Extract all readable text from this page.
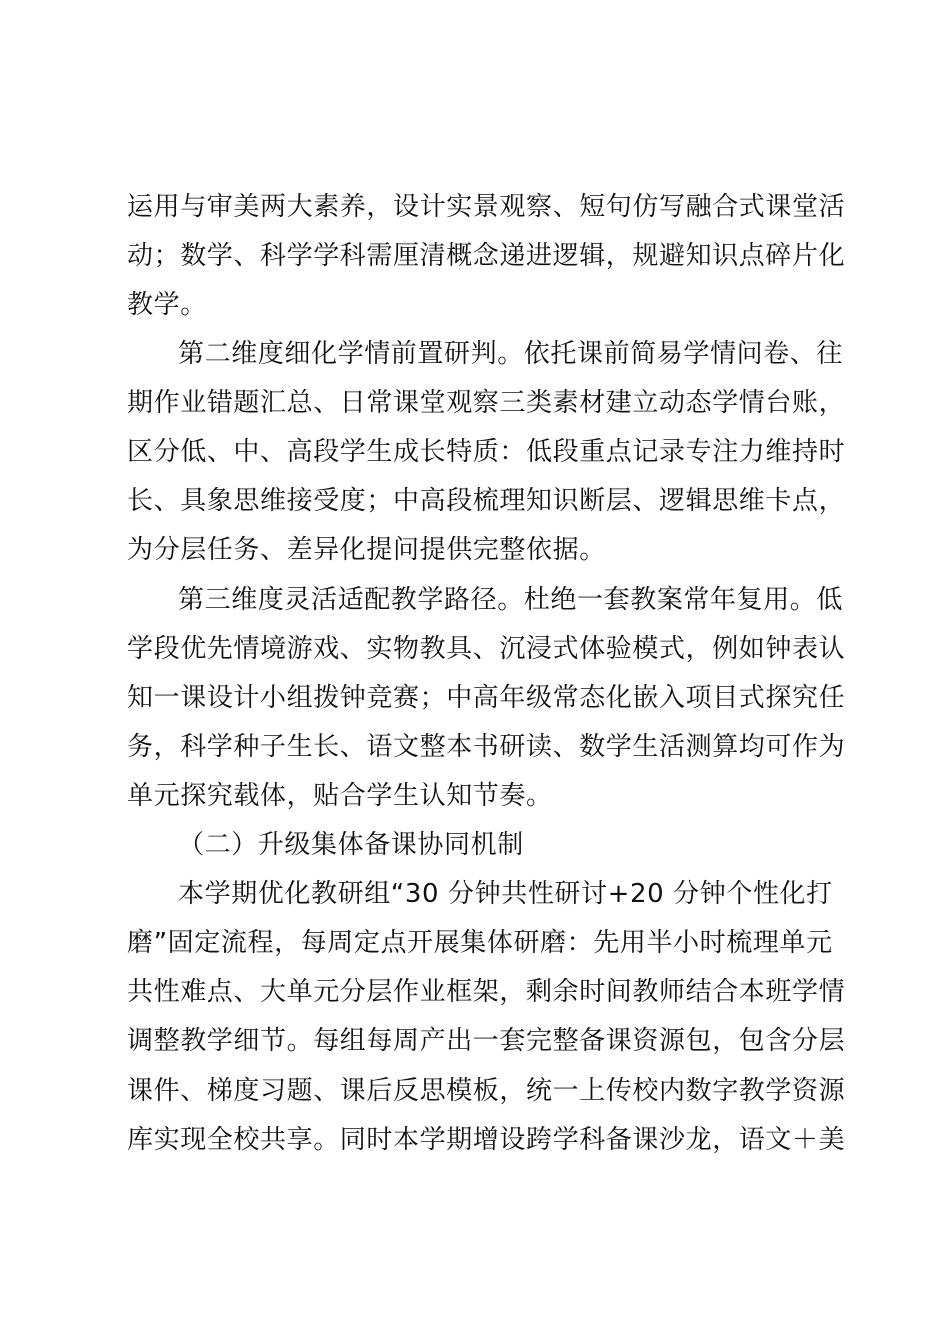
运用与审美两大素养，设计实景观察、短句仿写融合式课堂活
动；数学、科学学科需厘清概念递进逻辑，规避知识点碎片化
教学。
第二维度细化学情前置研判。依托课前简易学情问卷、往
期作业错题汇总、日常课堂观察三类素材建立动态学情台账，
区分低、中、高段学生成长特质：低段重点记录专注力维持时
长、具象思维接受度；中高段梳理知识断层、逻辑思维卡点，
为分层任务、差异化提问提供完整依据。
第三维度灵活适配教学路径。杜绝一套教案常年复用。低
学段优先情境游戏、实物教具、沉浸式体验模式，例如钟表认
知一课设计小组拨钟竞赛；中高年级常态化嵌入项目式探究任
务，科学种子生长、语文整本书研读、数学生活测算均可作为
单元探究载体，贴合学生认知节奏。
（二）升级集体备课协同机制
本学期优化教研组“30 分钟共性研讨+20 分钟个性化打
磨”固定流程，每周定点开展集体研磨：先用半小时梳理单元
共性难点、大单元分层作业框架，剩余时间教师结合本班学情
调整教学细节。每组每周产出一套完整备课资源包，包含分层
课件、梯度习题、课后反思模板，统一上传校内数字教学资源
库实现全校共享。同时本学期增设跨学科备课沙龙，语文＋美
